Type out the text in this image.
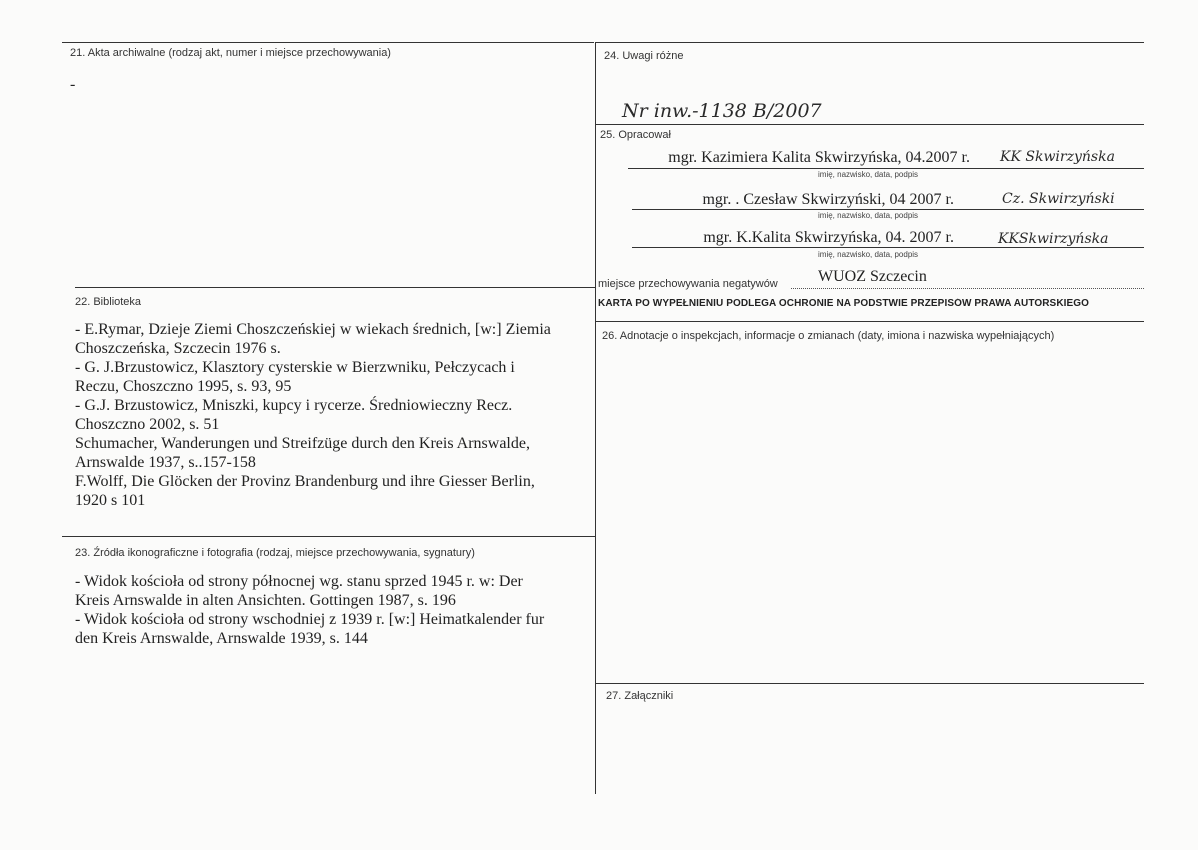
21. Akta archiwalne (rodzaj akt, numer i miejsce przechowywania)
-
22. Biblioteka
- E.Rymar, Dzieje Ziemi Choszczeńskiej w wiekach średnich, [w:] Ziemia
Choszczeńska, Szczecin 1976 s.
- G. J.Brzustowicz, Klasztory cysterskie w Bierzwniku, Pełczycach i
Reczu, Choszczno 1995, s. 93, 95
- G.J. Brzustowicz, Mniszki, kupcy i rycerze. Średniowieczny Recz.
Choszczno 2002, s. 51
Schumacher, Wanderungen und Streifzüge durch den Kreis Arnswalde,
Arnswalde 1937, s..157-158
F.Wolff, Die Glöcken der Provinz Brandenburg und ihre Giesser Berlin,
1920 s 101
23. Źródła ikonograficzne i fotografia (rodzaj, miejsce przechowywania, sygnatury)
- Widok kościoła od strony północnej wg. stanu sprzed 1945 r. w: Der
Kreis Arnswalde in alten Ansichten. Gottingen 1987, s. 196
- Widok kościoła od strony wschodniej z 1939 r. [w:] Heimatkalender fur
den Kreis Arnswalde, Arnswalde 1939, s. 144
24. Uwagi różne
Nr inw.-1138 B/2007
25. Opracował
mgr. Kazimiera Kalita Skwirzyńska, 04.2007 r.
imię, nazwisko, data, podpis
KK Skwirzyńska
mgr. . Czesław Skwirzyński, 04 2007 r.
imię, nazwisko, data, podpis
Cz. Skwirzyński
mgr. K.Kalita Skwirzyńska, 04. 2007 r.
imię, nazwisko, data, podpis
KKSkwirzyńska
miejsce przechowywania negatywów	WUOZ Szczecin
KARTA PO WYPEŁNIENIU PODLEGA OCHRONIE NA PODSTWIE PRZEPISÓW PRAWA AUTORSKIEGO
26. Adnotacje o inspekcjach, informacje o zmianach (daty, imiona i nazwiska wypełniających)
27. Załączniki
